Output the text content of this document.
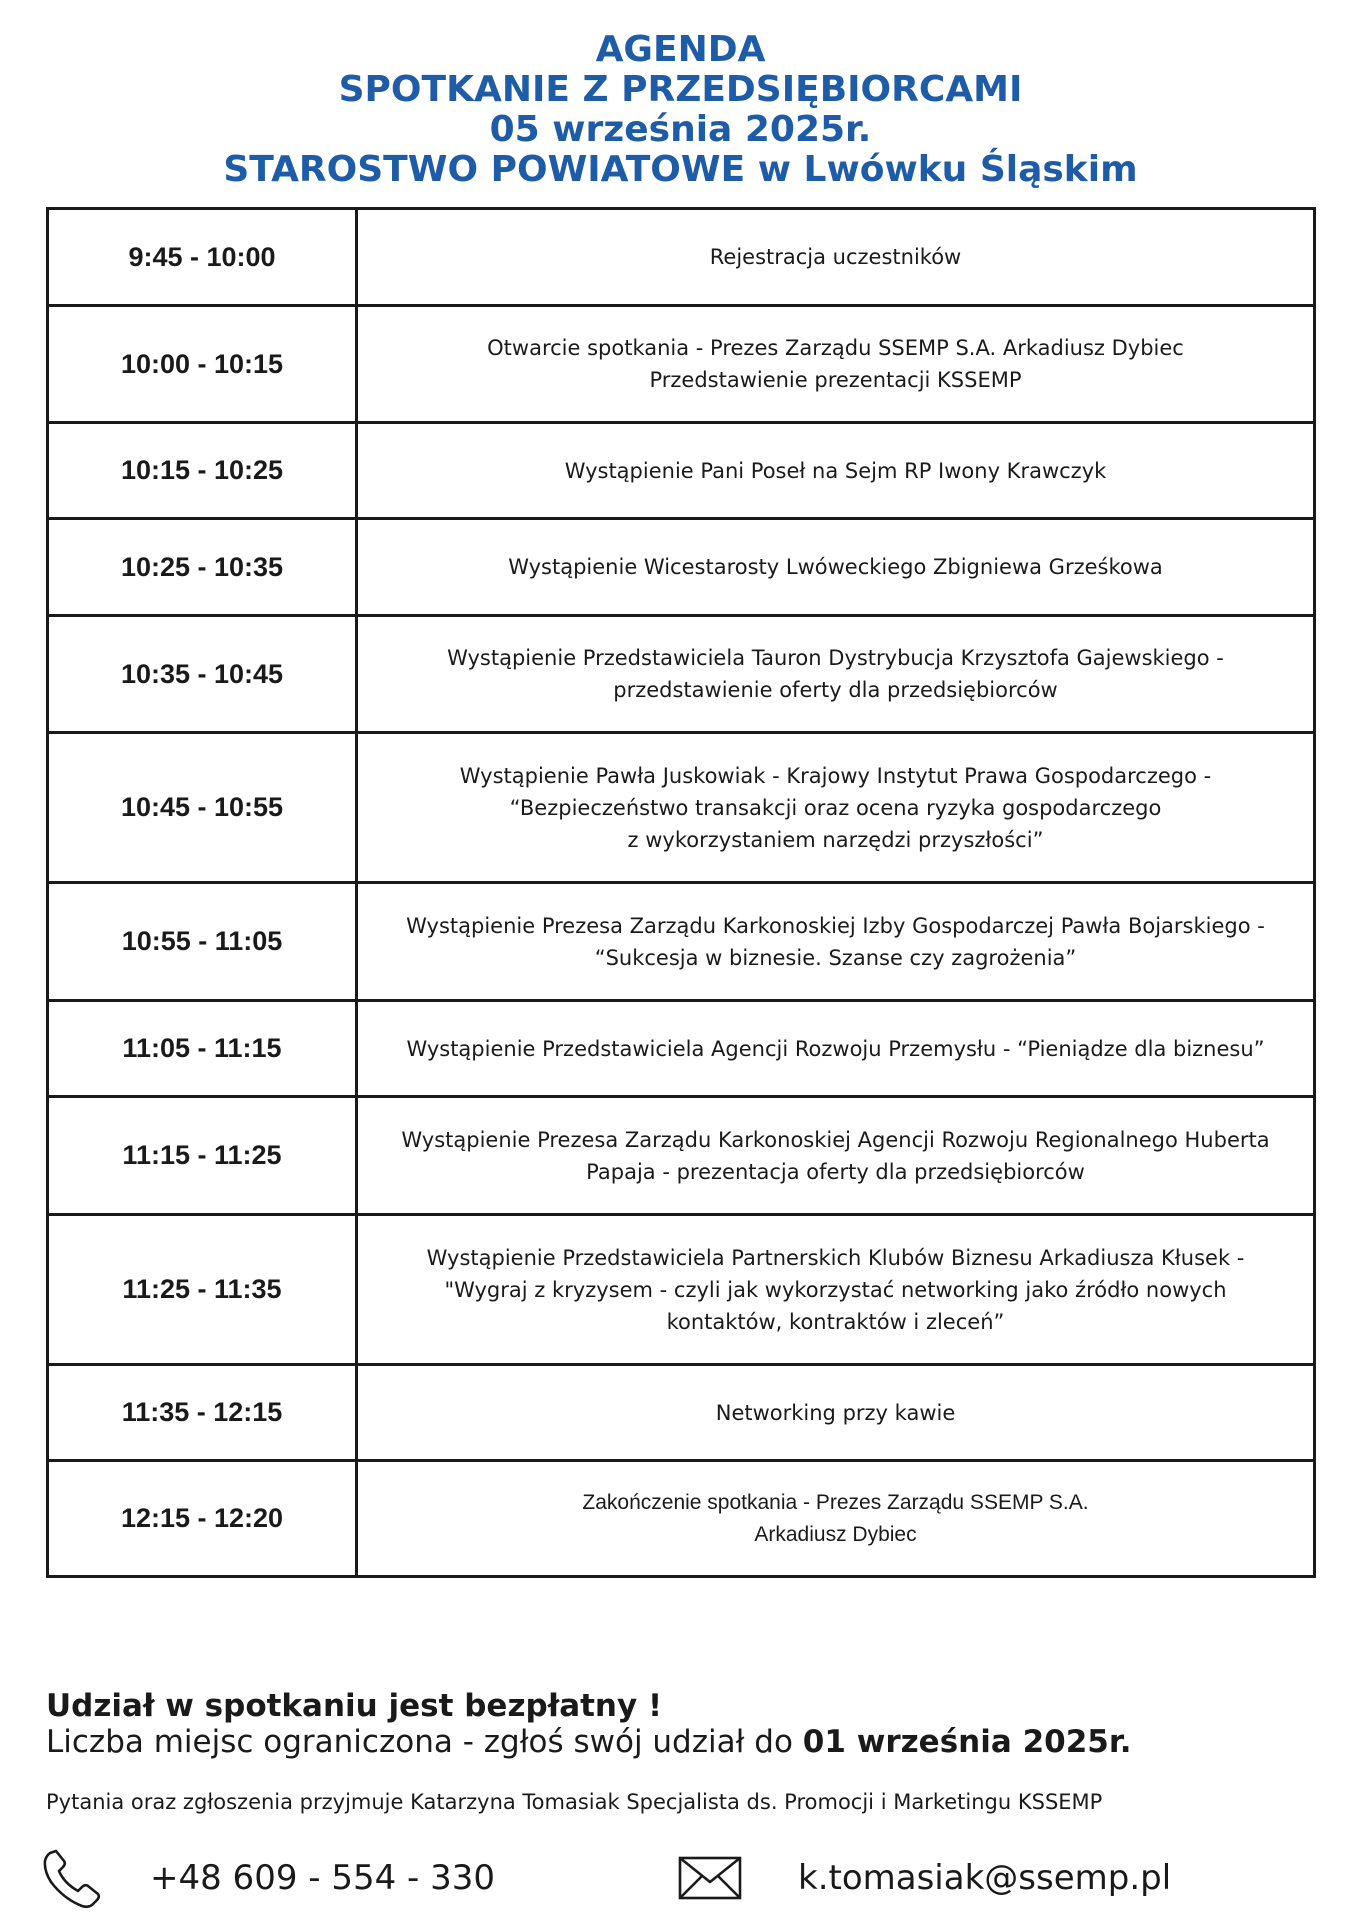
AGENDA
SPOTKANIE Z PRZEDSIĘBIORCAMI
05 września 2025r.
STAROSTWO POWIATOWE w Lwówku Śląskim
9:45 - 10:00	Rejestracja uczestników

10:00 - 10:15	Otwarcie spotkania - Prezes Zarządu SSEMP S.A. Arkadiusz Dybiec
Przedstawienie prezentacji KSSEMP

10:15 - 10:25	Wystąpienie Pani Poseł na Sejm RP Iwony Krawczyk

10:25 - 10:35	Wystąpienie Wicestarosty Lwóweckiego Zbigniewa Grześkowa

10:35 - 10:45	Wystąpienie Przedstawiciela Tauron Dystrybucja Krzysztofa Gajewskiego -
przedstawienie oferty dla przedsiębiorców

10:45 - 10:55	Wystąpienie Pawła Juskowiak - Krajowy Instytut Prawa Gospodarczego -
“Bezpieczeństwo transakcji oraz ocena ryzyka gospodarczego
z wykorzystaniem narzędzi przyszłości”

10:55 - 11:05	Wystąpienie Prezesa Zarządu Karkonoskiej Izby Gospodarczej Pawła Bojarskiego -
“Sukcesja w biznesie. Szanse czy zagrożenia”

11:05 - 11:15	Wystąpienie Przedstawiciela Agencji Rozwoju Przemysłu - “Pieniądze dla biznesu”

11:15 - 11:25	Wystąpienie Prezesa Zarządu Karkonoskiej Agencji Rozwoju Regionalnego Huberta
Papaja - prezentacja oferty dla przedsiębiorców

11:25 - 11:35	Wystąpienie Przedstawiciela Partnerskich Klubów Biznesu Arkadiusza Kłusek -
"Wygraj z kryzysem - czyli jak wykorzystać networking jako źródło nowych
kontaktów, kontraktów i zleceń”

11:35 - 12:15	Networking przy kawie

12:15 - 12:20	Zakończenie spotkania - Prezes Zarządu SSEMP S.A.
Arkadiusz Dybiec
Udział w spotkaniu jest bezpłatny !
Liczba miejsc ograniczona - zgłoś swój udział do 01 września 2025r.
Pytania oraz zgłoszenia przyjmuje Katarzyna Tomasiak Specjalista ds. Promocji i Marketingu KSSEMP
+48 609 - 554 - 330	k.tomasiak@ssemp.pl
